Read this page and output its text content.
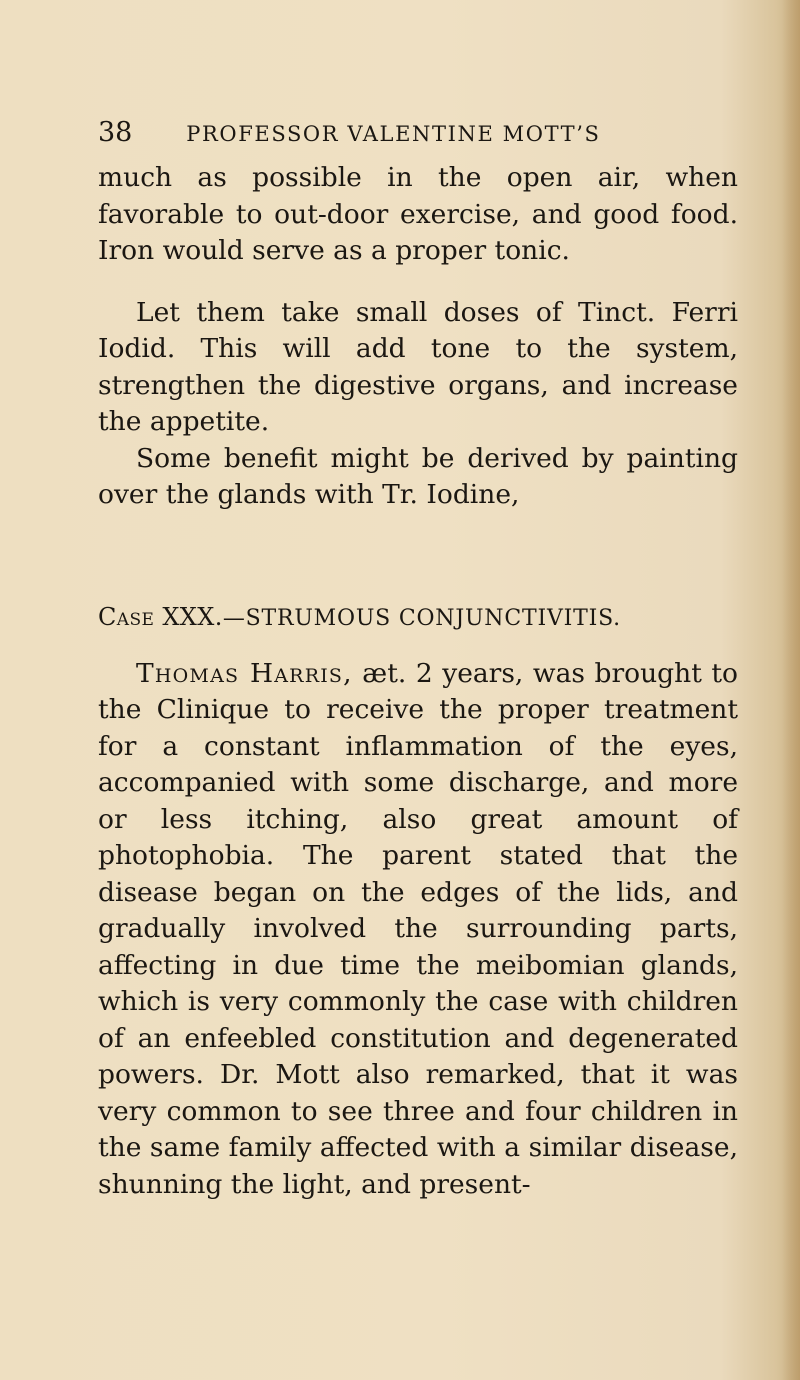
38	PROFESSOR VALENTINE MOTT’S

much as possible in the open air, when favorable to out-door exercise, and good food. Iron would serve as a proper tonic.

Let them take small doses of Tinct. Ferri Iodid. This will add tone to the system, strengthen the digestive organs, and increase the appetite.

Some benefit might be derived by painting over the glands with Tr. Iodine,

Case XXX.—STRUMOUS CONJUNCTIVITIS.

Thomas Harris, æt. 2 years, was brought to the Clinique to receive the proper treatment for a constant inflammation of the eyes, accompanied with some discharge, and more or less itching, also great amount of photophobia. The parent stated that the disease began on the edges of the lids, and gradually involved the surrounding parts, affecting in due time the meibomian glands, which is very commonly the case with children of an enfeebled constitution and degenerated powers. Dr. Mott also remarked, that it was very common to see three and four children in the same family affected with a similar disease, shunning the light, and present-
